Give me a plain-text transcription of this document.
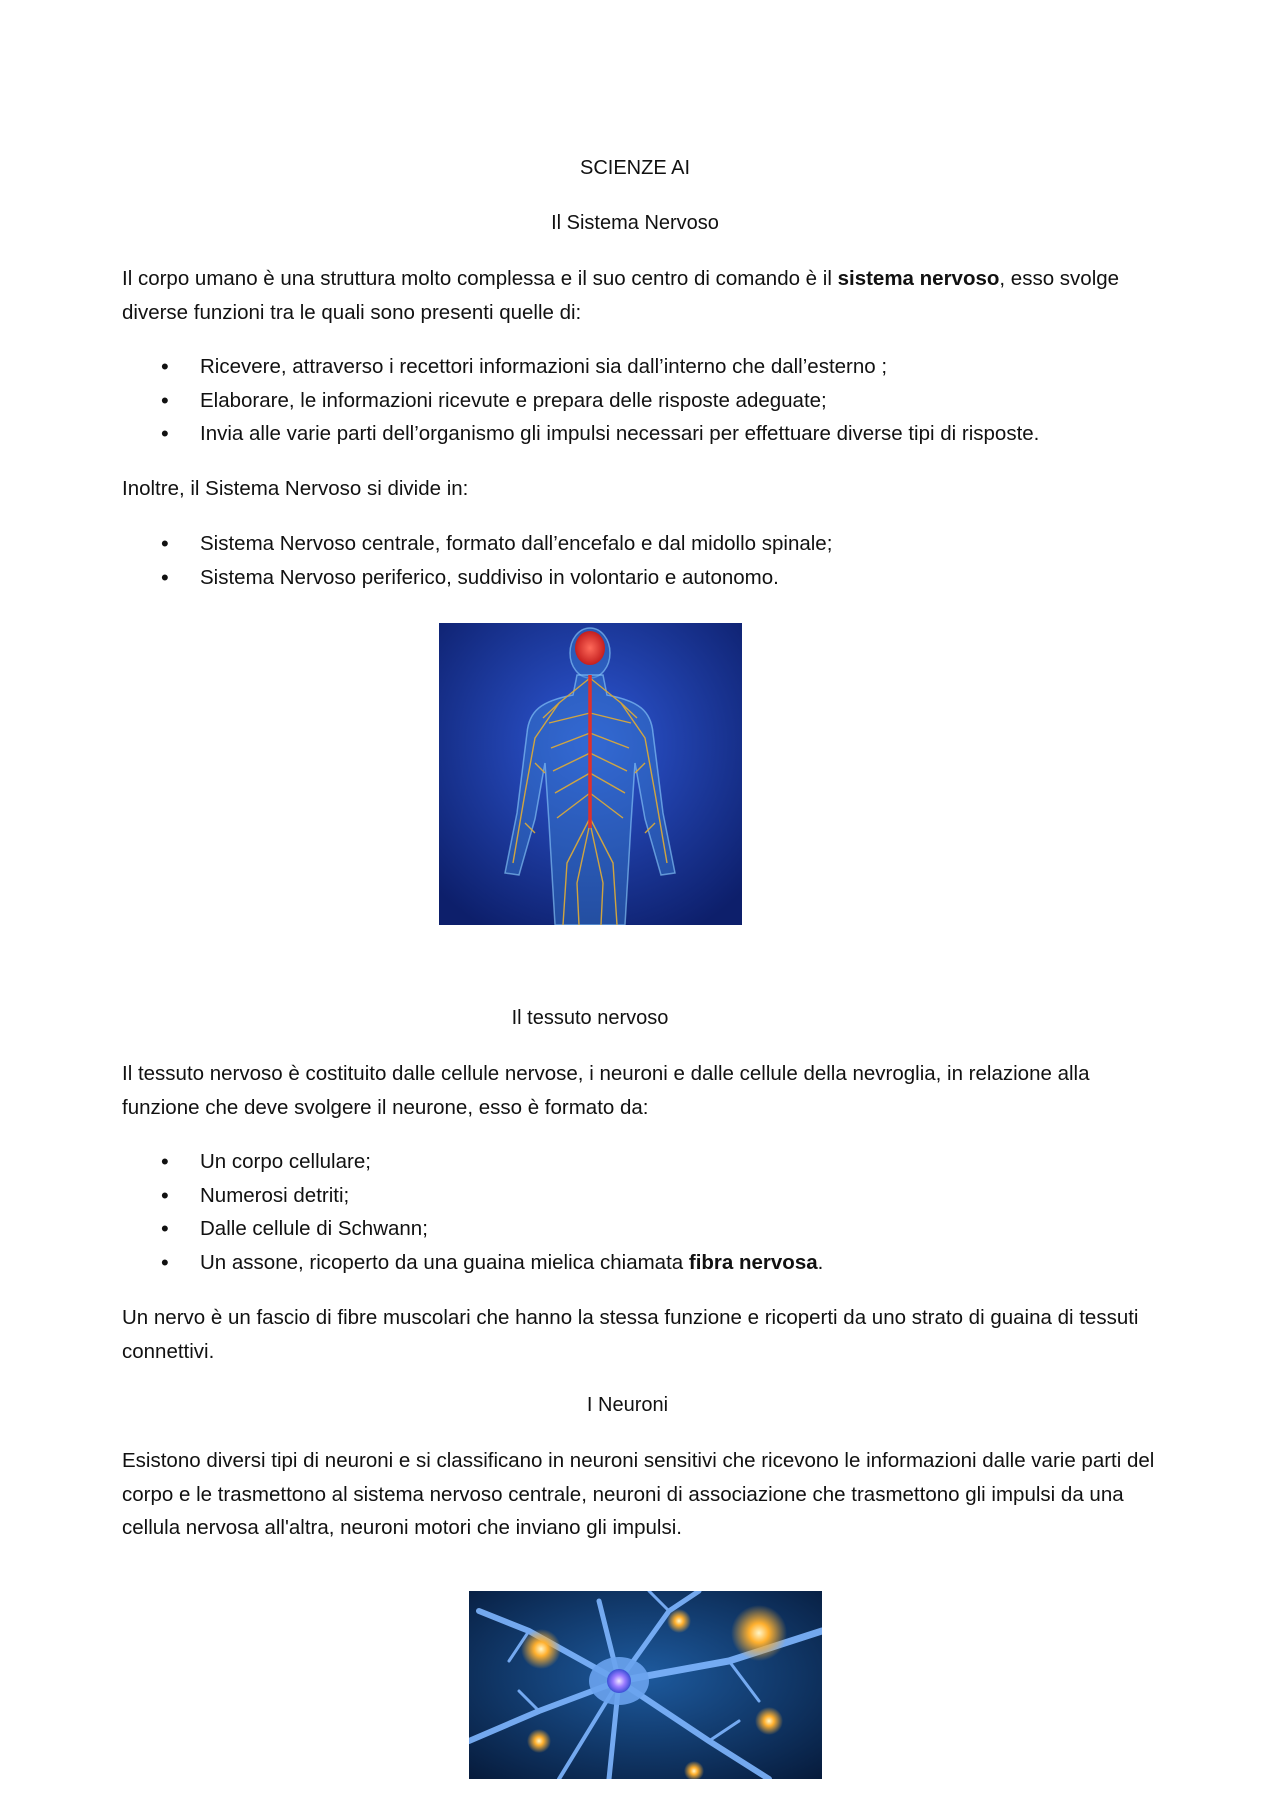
SCIENZE AI
Il Sistema Nervoso

Il corpo umano è una struttura molto complessa e il suo centro di comando è il sistema nervoso, esso svolge diverse funzioni tra le quali sono presenti quelle di:

• Ricevere, attraverso i recettori informazioni sia dall’interno che dall’esterno ;
• Elaborare, le informazioni ricevute e prepara delle risposte adeguate;
• Invia alle varie parti dell’organismo gli impulsi necessari per effettuare diverse tipi di risposte.

Inoltre, il Sistema Nervoso si divide in:

• Sistema Nervoso centrale, formato dall’encefalo e dal midollo spinale;
• Sistema Nervoso periferico, suddiviso in volontario e autonomo.
Il tessuto nervoso

Il tessuto nervoso è costituito dalle cellule nervose, i neuroni e dalle cellule della nevroglia, in relazione alla funzione che deve svolgere il neurone, esso è formato da:

• Un corpo cellulare;
• Numerosi detriti;
• Dalle cellule di Schwann;
• Un assone, ricoperto da una guaina mielica chiamata fibra nervosa.

Un nervo è un fascio di fibre muscolari che hanno la stessa funzione e ricoperti da uno strato di guaina di tessuti connettivi.

I Neuroni

Esistono diversi tipi di neuroni e si classificano in neuroni sensitivi che ricevono le informazioni dalle varie parti del corpo e le trasmettono al sistema nervoso centrale, neuroni di associazione che trasmettono gli impulsi da una cellula nervosa all'altra, neuroni motori che inviano gli impulsi.
